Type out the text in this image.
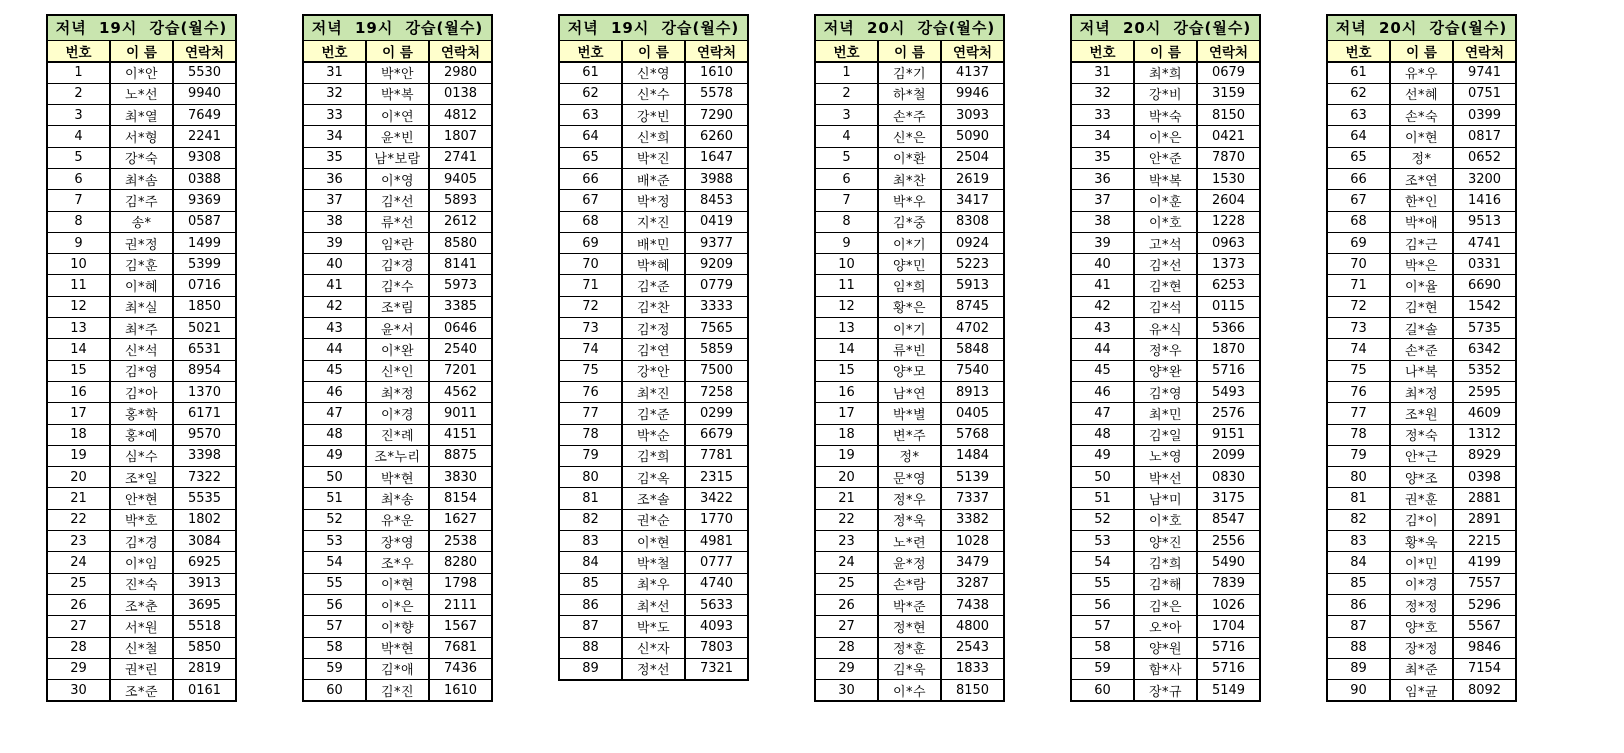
저녁 19시 강습(월수)		
번호	이 름	연락처
1	이*안	5530
2	노*선	9940
3	최*열	7649
4	서*형	2241
5	강*숙	9308
6	최*솜	0388
7	김*주	9369
8	송*	0587
9	권*정	1499
10	김*훈	5399
11	이*혜	0716
12	최*실	1850
13	최*주	5021
14	신*석	6531
15	김*영	8954
16	김*아	1370
17	홍*학	6171
18	홍*예	9570
19	심*수	3398
20	조*일	7322
21	안*현	5535
22	박*호	1802
23	김*경	3084
24	이*임	6925
25	진*숙	3913
26	조*춘	3695
27	서*원	5518
28	신*철	5850
29	권*린	2819
30	조*준	0161
저녁 19시 강습(월수)		
번호	이 름	연락처
31	박*안	2980
32	박*복	0138
33	이*연	4812
34	윤*빈	1807
35	남*보람	2741
36	이*영	9405
37	김*선	5893
38	류*선	2612
39	임*란	8580
40	김*경	8141
41	김*수	5973
42	조*림	3385
43	윤*서	0646
44	이*완	2540
45	신*인	7201
46	최*정	4562
47	이*경	9011
48	진*례	4151
49	조*누리	8875
50	박*현	3830
51	최*송	8154
52	유*운	1627
53	장*영	2538
54	조*우	8280
55	이*현	1798
56	이*은	2111
57	이*향	1567
58	박*현	7681
59	김*애	7436
60	김*진	1610
저녁 19시 강습(월수)		
번호	이 름	연락처
61	신*영	1610
62	신*수	5578
63	강*빈	7290
64	신*희	6260
65	박*진	1647
66	배*준	3988
67	박*정	8453
68	지*진	0419
69	배*민	9377
70	박*혜	9209
71	김*준	0779
72	김*찬	3333
73	김*정	7565
74	김*연	5859
75	강*안	7500
76	최*진	7258
77	김*준	0299
78	박*순	6679
79	김*희	7781
80	김*옥	2315
81	조*솔	3422
82	권*순	1770
83	이*현	4981
84	박*철	0777
85	최*우	4740
86	최*선	5633
87	박*도	4093
88	신*자	7803
89	정*선	7321
저녁 20시 강습(월수)		
번호	이 름	연락처
1	김*기	4137
2	하*철	9946
3	손*주	3093
4	신*은	5090
5	이*환	2504
6	최*찬	2619
7	박*우	3417
8	김*중	8308
9	이*기	0924
10	양*민	5223
11	임*희	5913
12	황*은	8745
13	이*기	4702
14	류*빈	5848
15	양*모	7540
16	남*연	8913
17	박*별	0405
18	변*주	5768
19	정*	1484
20	문*영	5139
21	정*우	7337
22	정*욱	3382
23	노*련	1028
24	윤*정	3479
25	손*람	3287
26	박*준	7438
27	정*현	4800
28	정*훈	2543
29	김*욱	1833
30	이*수	8150
저녁 20시 강습(월수)		
번호	이 름	연락처
31	최*희	0679
32	강*비	3159
33	박*숙	8150
34	이*은	0421
35	안*준	7870
36	박*복	1530
37	이*훈	2604
38	이*호	1228
39	고*석	0963
40	김*선	1373
41	김*현	6253
42	김*석	0115
43	유*식	5366
44	정*우	1870
45	양*완	5716
46	김*영	5493
47	최*민	2576
48	김*일	9151
49	노*영	2099
50	박*선	0830
51	남*미	3175
52	이*호	8547
53	양*진	2556
54	김*희	5490
55	김*해	7839
56	김*은	1026
57	오*아	1704
58	양*원	5716
59	함*사	5716
60	장*규	5149
저녁 20시 강습(월수)		
번호	이 름	연락처
61	유*우	9741
62	선*혜	0751
63	손*숙	0399
64	이*현	0817
65	정*	0652
66	조*연	3200
67	한*인	1416
68	박*애	9513
69	김*근	4741
70	박*은	0331
71	이*율	6690
72	김*현	1542
73	길*솔	5735
74	손*준	6342
75	나*복	5352
76	최*정	2595
77	조*원	4609
78	정*숙	1312
79	안*근	8929
80	양*조	0398
81	권*훈	2881
82	김*이	2891
83	황*욱	2215
84	이*민	4199
85	이*경	7557
86	정*정	5296
87	양*호	5567
88	장*정	9846
89	최*준	7154
90	임*균	8092
